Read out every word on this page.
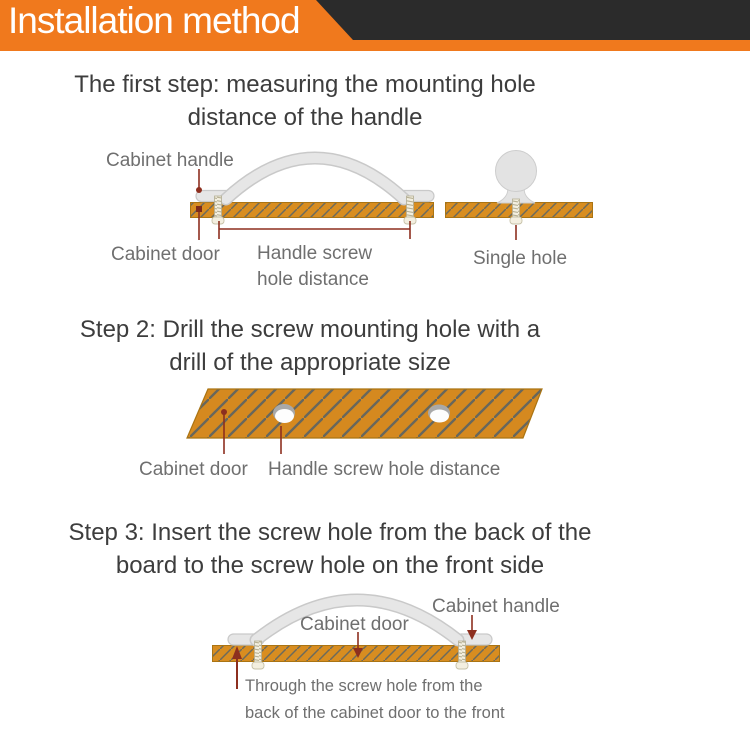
Installation method
The first step: measuring the mounting hole
distance of the handle
Step 2: Drill the screw mounting hole with a
drill of the appropriate size
Step 3: Insert the screw hole from the back of the
board to the screw hole on the front side
Cabinet handle
Cabinet door Handle screw
hole distance
Single hole
Cabinet door Handle screw hole distance
Cabinet door
Cabinet handle
Through the screw hole from the
back of the cabinet door to the front
